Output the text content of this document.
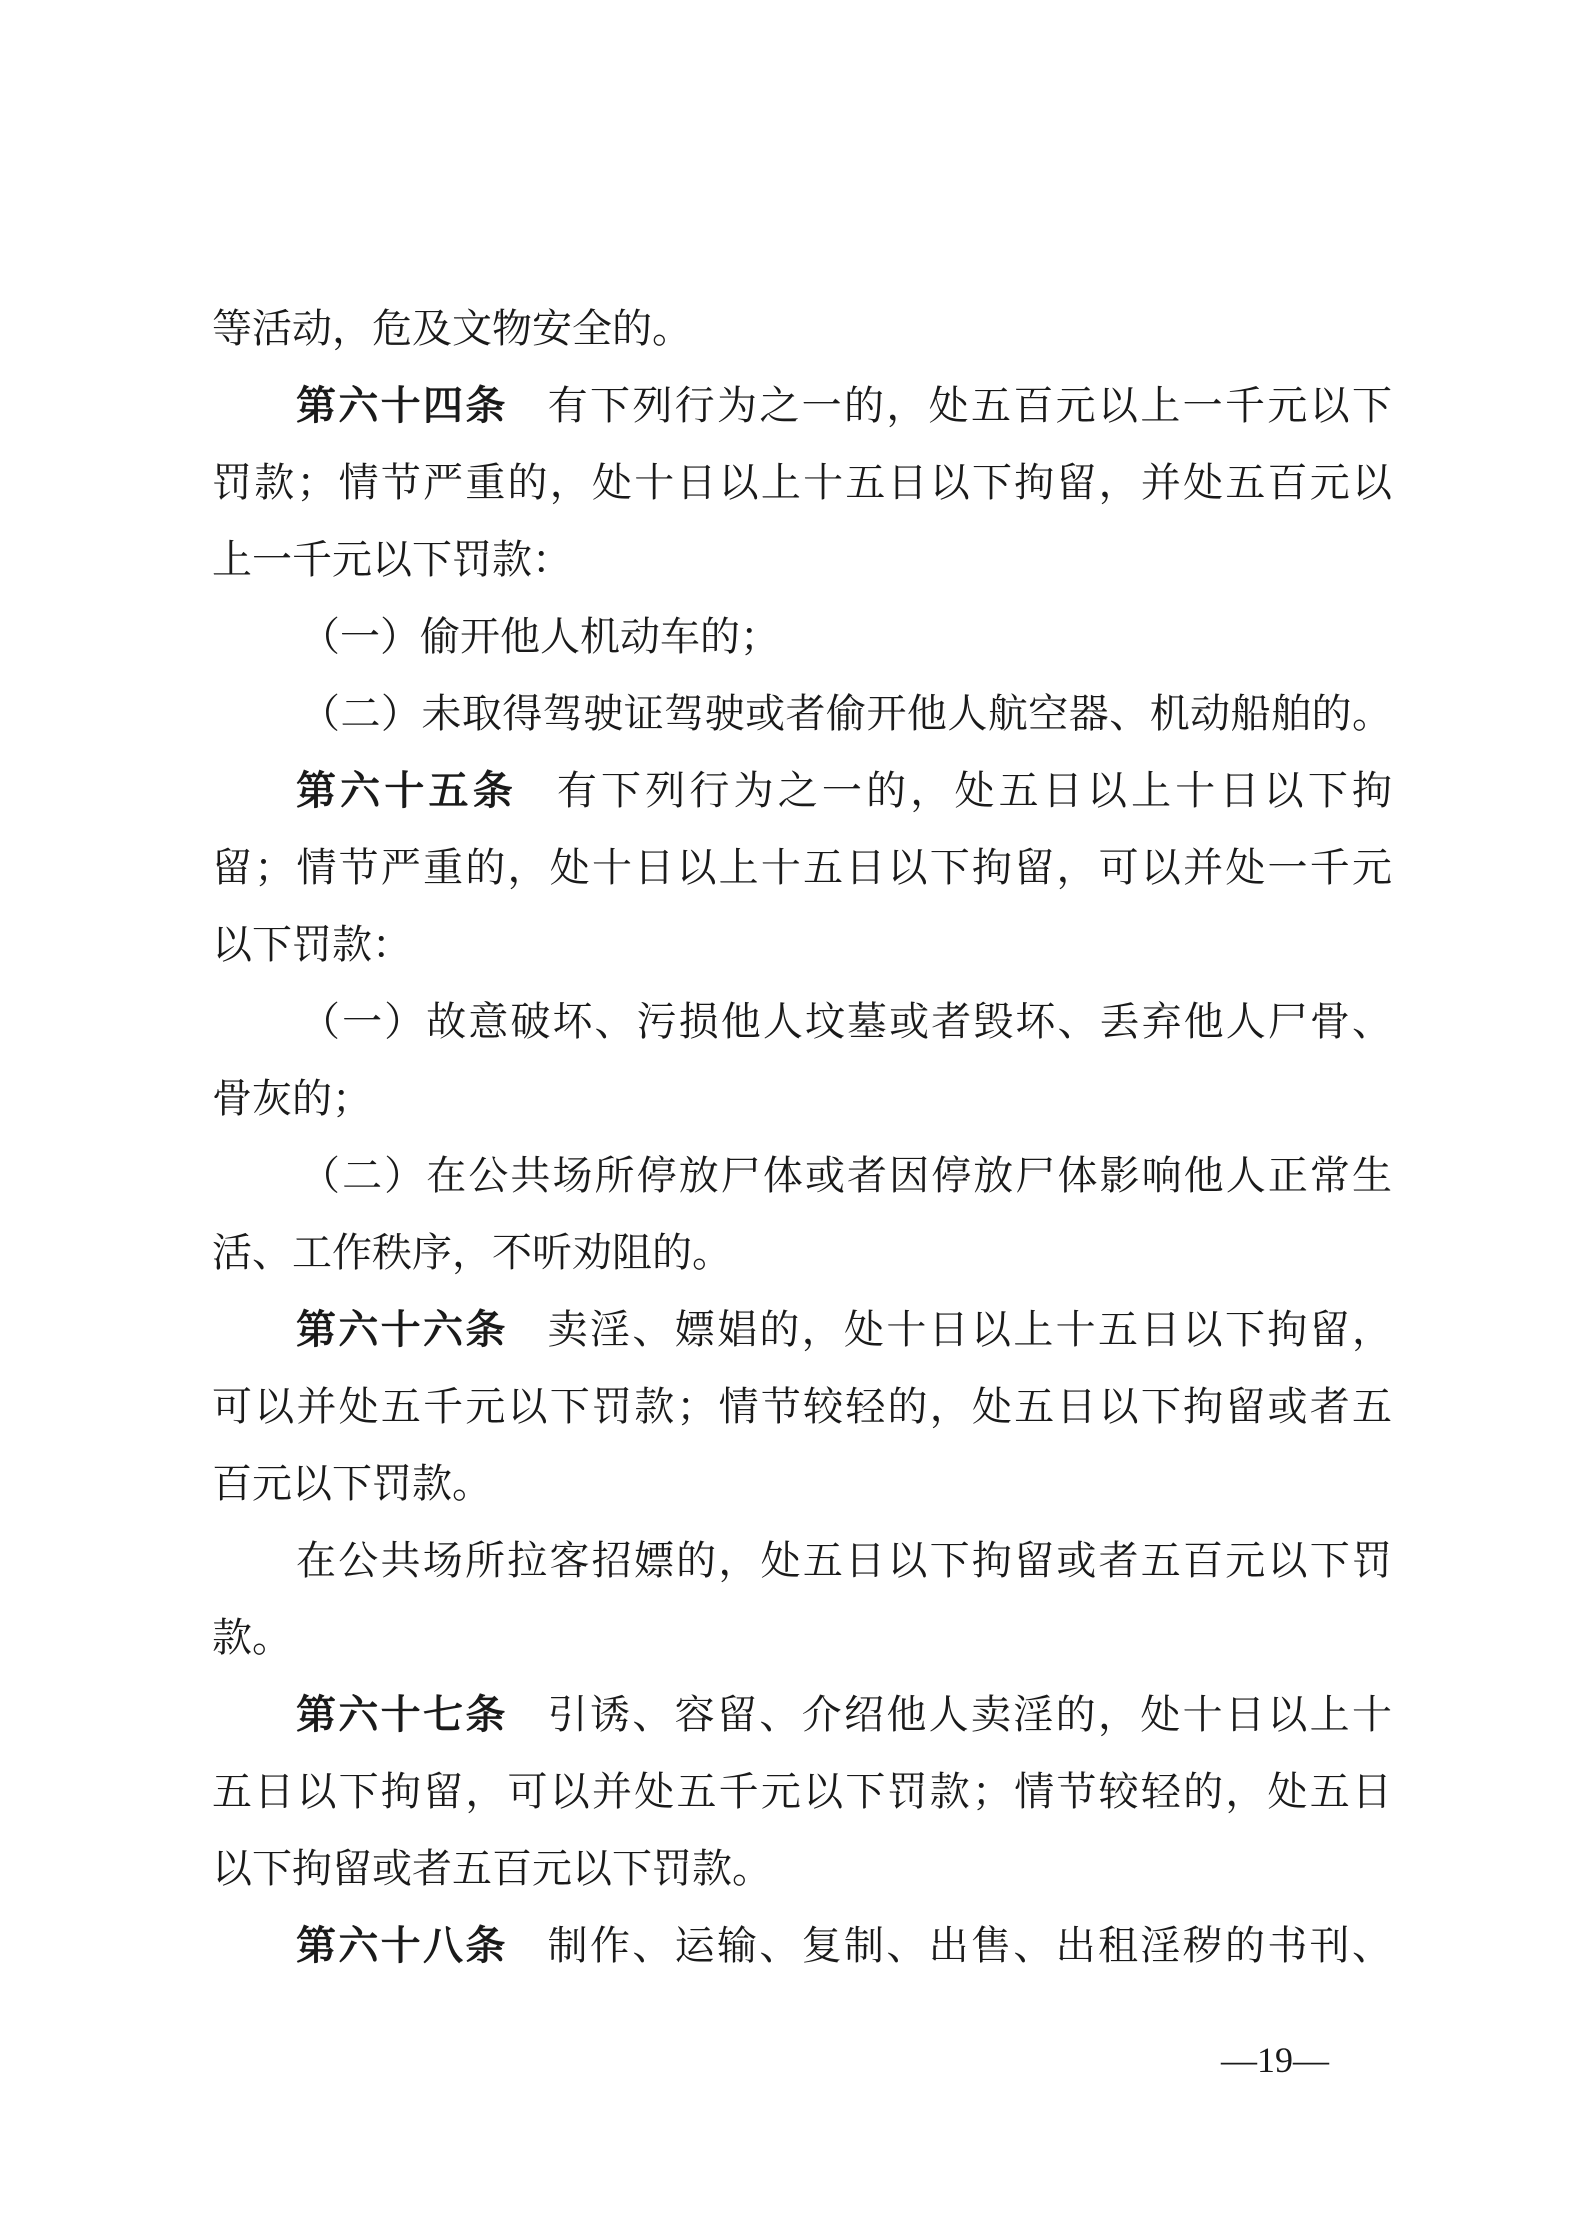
等活动，危及文物安全的。
第六十四条 有下列行为之一的，处五百元以上一千元以下
罚款；情节严重的，处十日以上十五日以下拘留，并处五百元以
上一千元以下罚款：
（一）偷开他人机动车的；
（二）未取得驾驶证驾驶或者偷开他人航空器、机动船舶的。
第六十五条 有下列行为之一的，处五日以上十日以下拘
留；情节严重的，处十日以上十五日以下拘留，可以并处一千元
以下罚款：
（一）故意破坏、污损他人坟墓或者毁坏、丢弃他人尸骨、
骨灰的；
（二）在公共场所停放尸体或者因停放尸体影响他人正常生
活、工作秩序，不听劝阻的。
第六十六条 卖淫、嫖娼的，处十日以上十五日以下拘留，
可以并处五千元以下罚款；情节较轻的，处五日以下拘留或者五
百元以下罚款。
在公共场所拉客招嫖的，处五日以下拘留或者五百元以下罚
款。
第六十七条 引诱、容留、介绍他人卖淫的，处十日以上十
五日以下拘留，可以并处五千元以下罚款；情节较轻的，处五日
以下拘留或者五百元以下罚款。
第六十八条 制作、运输、复制、出售、出租淫秽的书刊、
—19—
